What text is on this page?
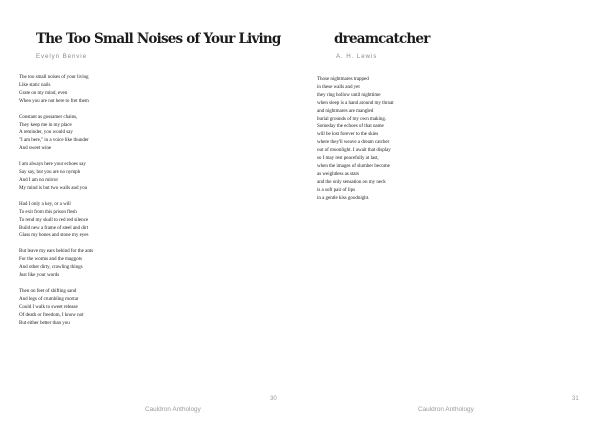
The Too Small Noises of Your Living
Evelyn Benvie
The too small noises of your living
Like static nails
Grate on my mind, even
When you are not here to fret them
Constant as gossamer chains,
They keep me in my place
A reminder, you would say
"I am here," in a voice like thunder
And sweet wine
I am always here your echoes say
Say say, but you are no nymph
And I am no mirror
My mind is but two walls and you
Had I only a key, or a will
To exit from this prison flesh
To rend my skull to red red silence
Build new a frame of steel and dirt
Glass my bones and stone my eyes
But leave my ears behind for the ants
For the worms and the maggots
And other dirty, crawling things
Just like your words
Then on feet of shifting sand
And legs of crumbling mortar
Could I walk to sweet release
Of death or freedom, I know not
But either better than you
30
Cauldron Anthology
dreamcatcher
A. H. Lewis
Those nightmares trapped
in these walls and yet
they ring hollow until nighttime
when sleep is a hand around my throat
and nightmares are mangled
burial grounds of my own making.
Someday the echoes of that name
will be lost forever to the skies
where they'll weave a dream catcher
out of moonlight. I await that display
so I may rest peacefully at last,
when the images of slumber become
as weightless as stars
and the only sensation on my neck
is a soft pair of lips
in a gentle kiss goodnight.
31
Cauldron Anthology
